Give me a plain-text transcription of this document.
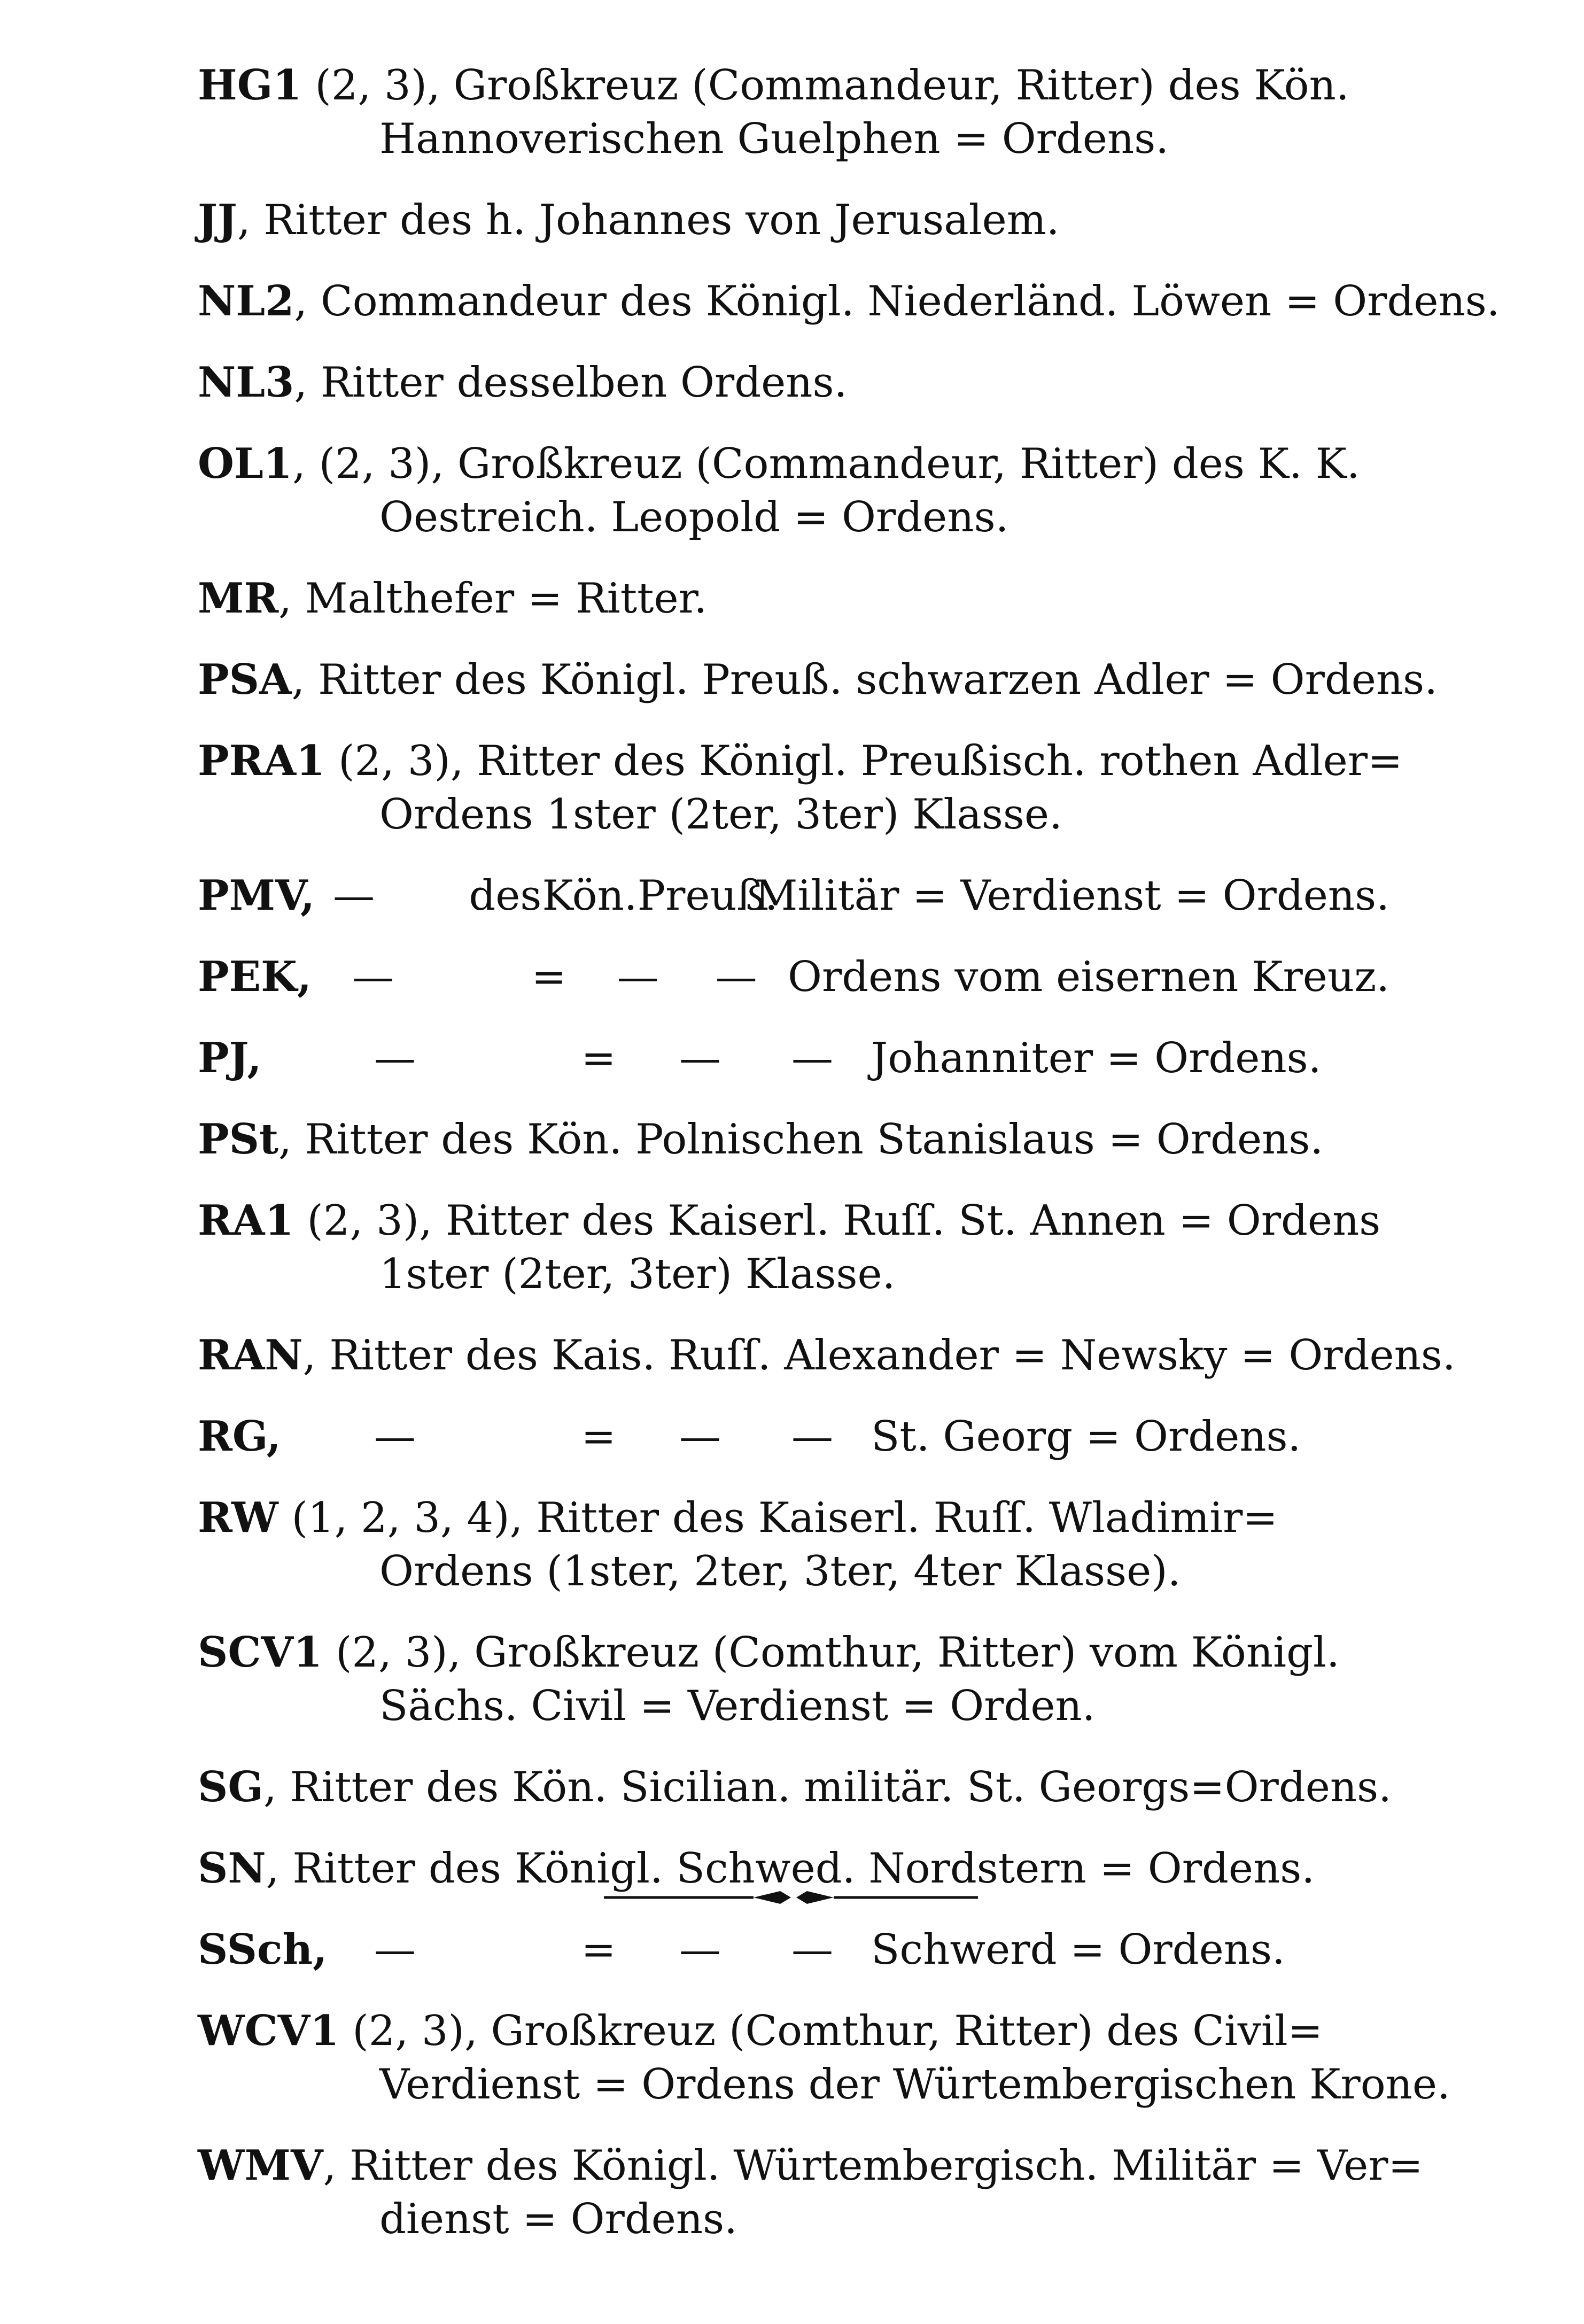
HG1 (2, 3), Großkreuz (Commandeur, Ritter) des Kön.
Hannoverischen Guelphen = Ordens.
JJ, Ritter des h. Johannes von Jerusalem.
NL2, Commandeur des Königl. Niederländ. Löwen = Ordens.
NL3, Ritter desselben Ordens.
OL1, (2, 3), Großkreuz (Commandeur, Ritter) des K. K.
Oestreich. Leopold = Ordens.
MR, Malthefer = Ritter.
PSA, Ritter des Königl. Preuß. schwarzen Adler = Ordens.
PRA1 (2, 3), Ritter des Königl. Preußisch. rothen Adler=
Ordens 1ster (2ter, 3ter) Klasse.
PMV, —	des Kön. Preuß.
Militär = Verdienst = Ordens.
PEK, —	=	—	— Ordens vom eisernen Kreuz.
PJ,	—	=	—	— Johanniter = Ordens.
PSt, Ritter des Kön. Polnischen Stanislaus = Ordens.
RA1 (2, 3), Ritter des Kaiserl. Ruſſ. St. Annen = Ordens
1ster (2ter, 3ter) Klasse.
RAN, Ritter des Kais. Ruſſ. Alexander = Newsky = Ordens.
RG,	—	=	—	— St. Georg = Ordens.
RW (1, 2, 3, 4), Ritter des Kaiserl. Ruſſ. Wladimir=
Ordens (1ster, 2ter, 3ter, 4ter Klasse).
SCV1 (2, 3), Großkreuz (Comthur, Ritter) vom Königl.
Sächs. Civil = Verdienst = Orden.
SG, Ritter des Kön. Sicilian. militär. St. Georgs=Ordens.
SN, Ritter des Königl. Schwed. Nordstern = Ordens.
SSch,	—	=	—	— Schwerd = Ordens.
WCV1 (2, 3), Großkreuz (Comthur, Ritter) des Civil=
Verdienst = Ordens der Würtembergischen Krone.
WMV, Ritter des Königl. Würtembergisch. Militär = Ver=
dienst = Ordens.
